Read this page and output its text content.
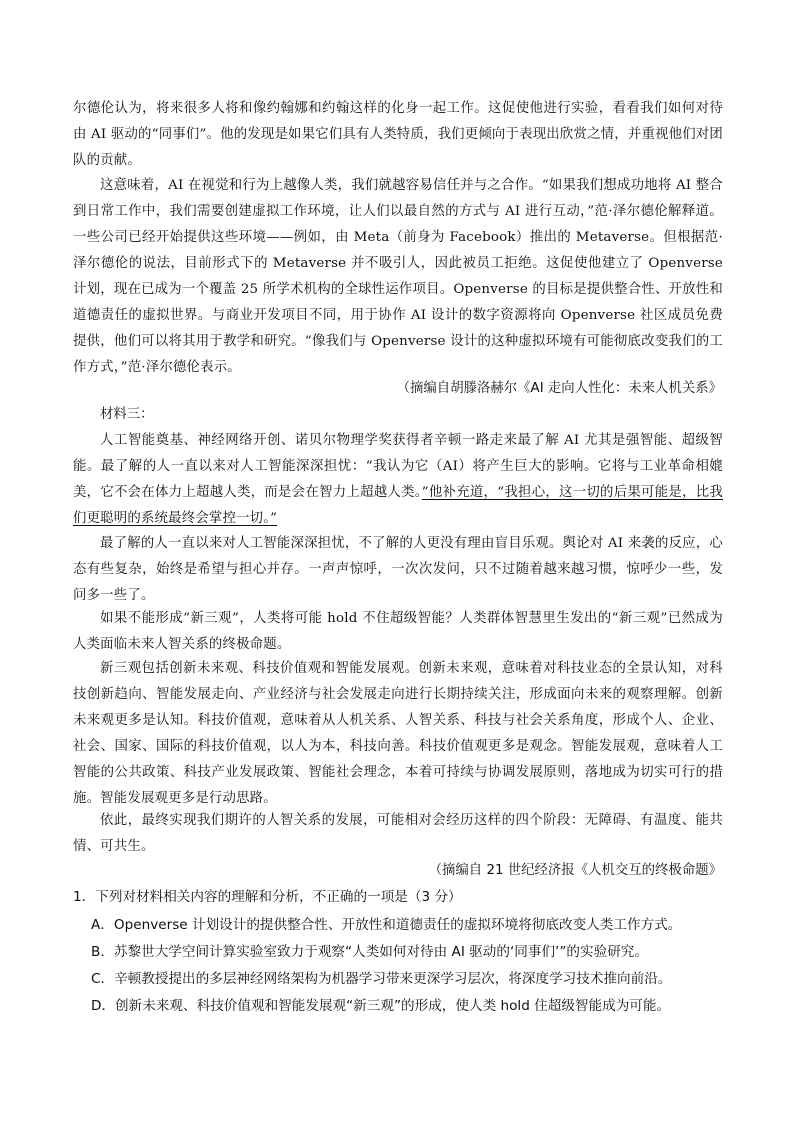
尔德伦认为，将来很多人将和像约翰娜和约翰这样的化身一起工作。这促使他进行实验，看看我们如何对待由 AI 驱动的“同事们”。他的发现是如果它们具有人类特质，我们更倾向于表现出欣赏之情，并重视他们对团队的贡献。

这意味着，AI 在视觉和行为上越像人类，我们就越容易信任并与之合作。“如果我们想成功地将 AI 整合到日常工作中，我们需要创建虚拟工作环境，让人们以最自然的方式与 AI 进行互动，”范·泽尔德伦解释道。一些公司已经开始提供这些环境——例如，由 Meta（前身为 Facebook）推出的 Metaverse。但根据范·泽尔德伦的说法，目前形式下的 Metaverse 并不吸引人，因此被员工拒绝。这促使他建立了 Openverse 计划，现在已成为一个覆盖 25 所学术机构的全球性运作项目。Openverse 的目标是提供整合性、开放性和道德责任的虚拟世界。与商业开发项目不同，用于协作 AI 设计的数字资源将向 Openverse 社区成员免费提供，他们可以将其用于教学和研究。“像我们与 Openverse 设计的这种虚拟环境有可能彻底改变我们的工作方式，”范·泽尔德伦表示。

（摘编自胡滕洛赫尔《AI 走向人性化：未来人机关系》

材料三：

人工智能奠基、神经网络开创、诺贝尔物理学奖获得者辛顿一路走来最了解 AI 尤其是强智能、超级智能。最了解的人一直以来对人工智能深深担忧：“我认为它（AI）将产生巨大的影响。它将与工业革命相媲美，它不会在体力上超越人类，而是会在智力上超越人类。”他补充道，“我担心，这一切的后果可能是，比我们更聪明的系统最终会掌控一切。”

最了解的人一直以来对人工智能深深担忧，不了解的人更没有理由盲目乐观。舆论对 AI 来袭的反应，心态有些复杂，始终是希望与担心并存。一声声惊呼，一次次发问，只不过随着越来越习惯，惊呼少一些，发问多一些了。

如果不能形成“新三观”，人类将可能 hold 不住超级智能？人类群体智慧里生发出的“新三观”已然成为人类面临未来人智关系的终极命题。

新三观包括创新未来观、科技价值观和智能发展观。创新未来观，意味着对科技业态的全景认知，对科技创新趋向、智能发展走向、产业经济与社会发展走向进行长期持续关注，形成面向未来的观察理解。创新未来观更多是认知。科技价值观，意味着从人机关系、人智关系、科技与社会关系角度，形成个人、企业、社会、国家、国际的科技价值观，以人为本，科技向善。科技价值观更多是观念。智能发展观，意味着人工智能的公共政策、科技产业发展政策、智能社会理念，本着可持续与协调发展原则，落地成为切实可行的措施。智能发展观更多是行动思路。

依此，最终实现我们期许的人智关系的发展，可能相对会经历这样的四个阶段：无障碍、有温度、能共情、可共生。

（摘编自 21 世纪经济报《人机交互的终极命题》

1．下列对材料相关内容的理解和分析，不正确的一项是（3 分）

A．Openverse 计划设计的提供整合性、开放性和道德责任的虚拟环境将彻底改变人类工作方式。

B．苏黎世大学空间计算实验室致力于观察“人类如何对待由 AI 驱动的‘同事们’”的实验研究。

C．辛顿教授提出的多层神经网络架构为机器学习带来更深学习层次，将深度学习技术推向前沿。

D．创新未来观、科技价值观和智能发展观“新三观”的形成，使人类 hold 住超级智能成为可能。
